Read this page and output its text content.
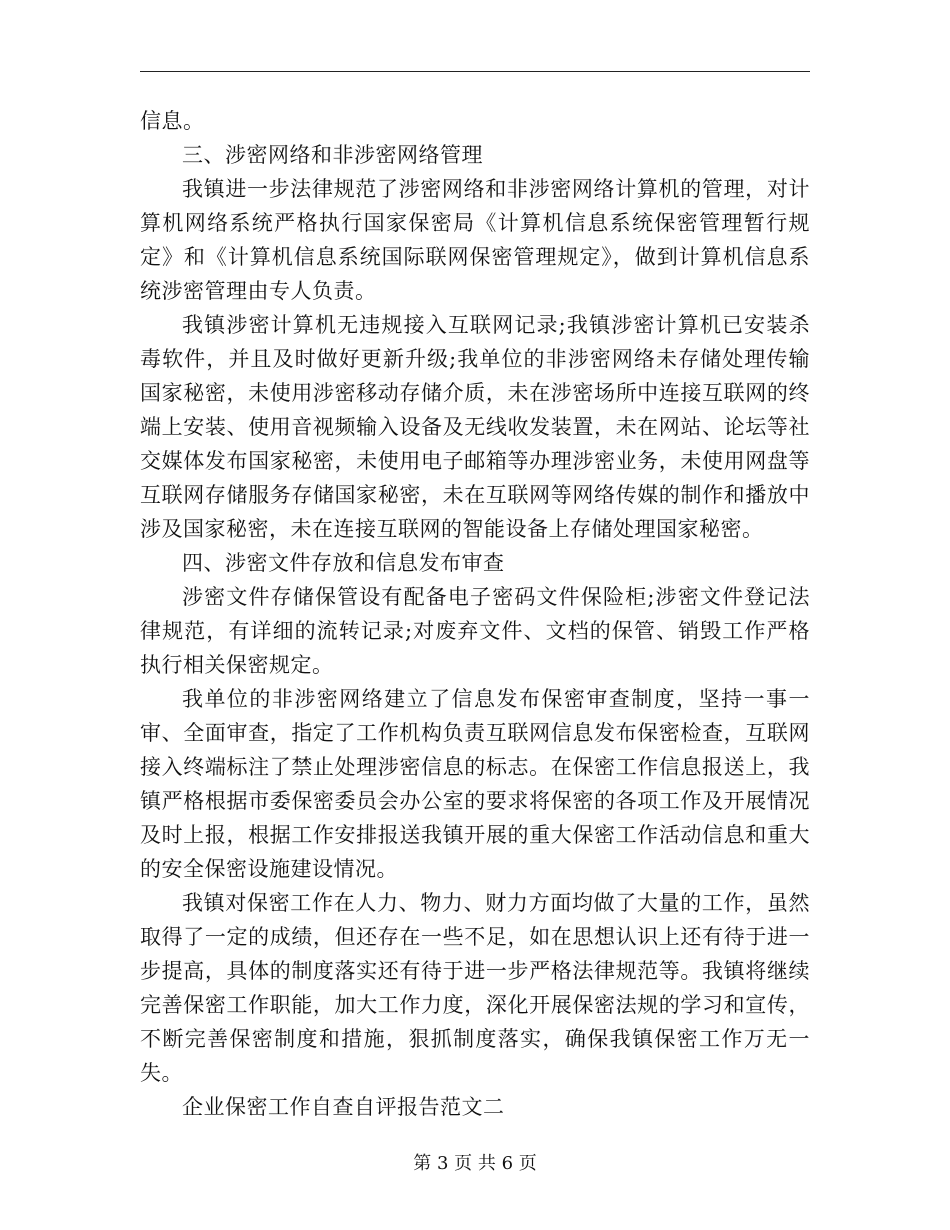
信息。

三、涉密网络和非涉密网络管理

我镇进一步法律规范了涉密网络和非涉密网络计算机的管理，对计算机网络系统严格执行国家保密局《计算机信息系统保密管理暂行规定》和《计算机信息系统国际联网保密管理规定》，做到计算机信息系统涉密管理由专人负责。

我镇涉密计算机无违规接入互联网记录;我镇涉密计算机已安装杀毒软件，并且及时做好更新升级;我单位的非涉密网络未存储处理传输国家秘密，未使用涉密移动存储介质，未在涉密场所中连接互联网的终端上安装、使用音视频输入设备及无线收发装置，未在网站、论坛等社交媒体发布国家秘密，未使用电子邮箱等办理涉密业务，未使用网盘等互联网存储服务存储国家秘密，未在互联网等网络传媒的制作和播放中涉及国家秘密，未在连接互联网的智能设备上存储处理国家秘密。

四、涉密文件存放和信息发布审查

涉密文件存储保管设有配备电子密码文件保险柜;涉密文件登记法律规范，有详细的流转记录;对废弃文件、文档的保管、销毁工作严格执行相关保密规定。

我单位的非涉密网络建立了信息发布保密审查制度，坚持一事一审、全面审查，指定了工作机构负责互联网信息发布保密检查，互联网接入终端标注了禁止处理涉密信息的标志。在保密工作信息报送上，我镇严格根据市委保密委员会办公室的要求将保密的各项工作及开展情况及时上报，根据工作安排报送我镇开展的重大保密工作活动信息和重大的安全保密设施建设情况。

我镇对保密工作在人力、物力、财力方面均做了大量的工作，虽然取得了一定的成绩，但还存在一些不足，如在思想认识上还有待于进一步提高，具体的制度落实还有待于进一步严格法律规范等。我镇将继续完善保密工作职能，加大工作力度，深化开展保密法规的学习和宣传，不断完善保密制度和措施，狠抓制度落实，确保我镇保密工作万无一失。

企业保密工作自查自评报告范文二

第 3 页 共 6 页
